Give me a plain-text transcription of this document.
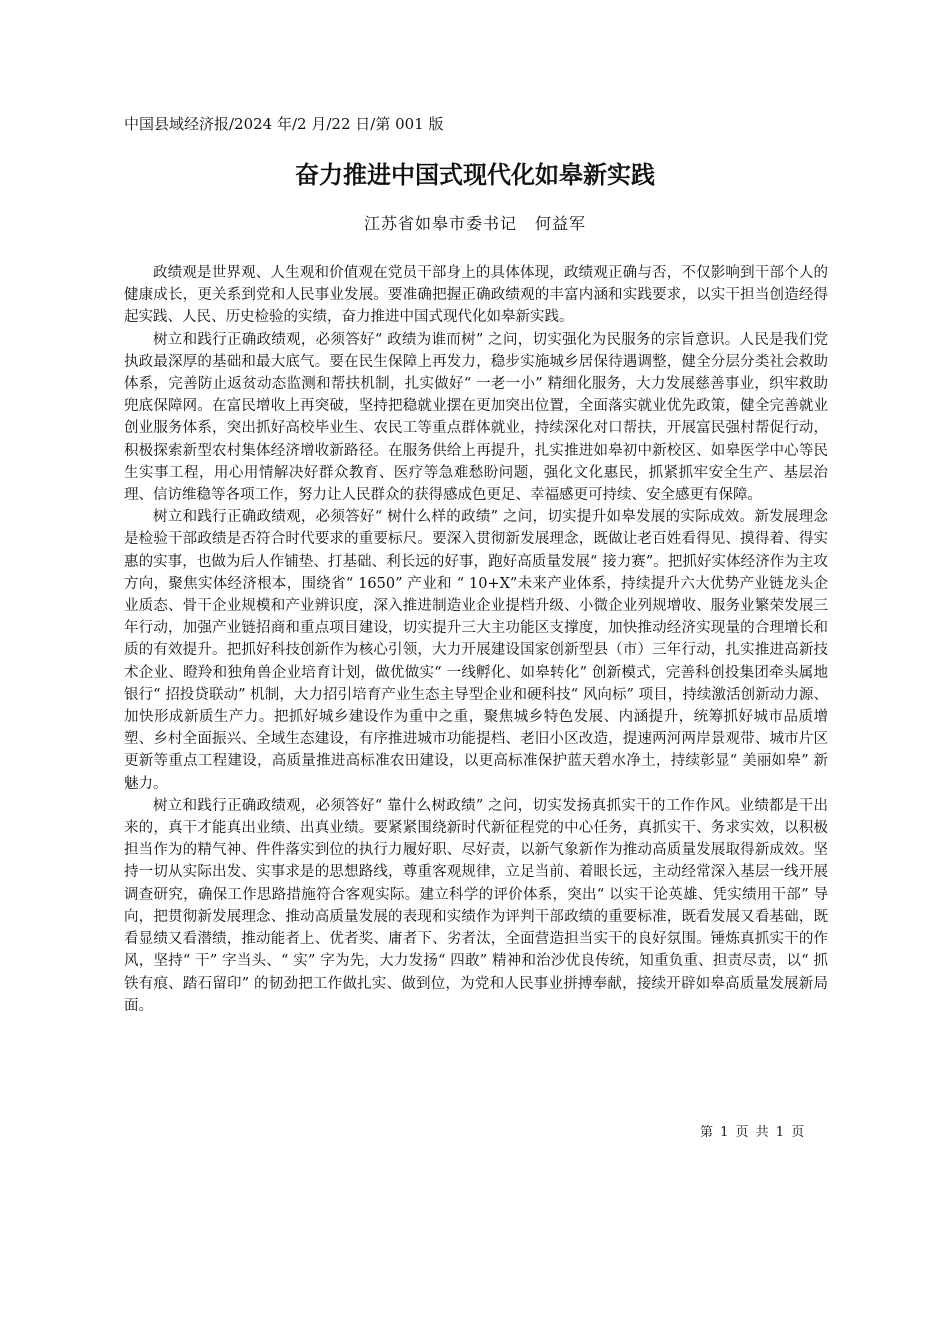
中国县域经济报/2024 年/2 月/22 日/第 001 版
奋力推进中国式现代化如皋新实践
江苏省如皋市委书记 何益军

政绩观是世界观、人生观和价值观在党员干部身上的具体体现，政绩观正确与否，不仅影响到干部个人的健康成长，更关系到党和人民事业发展。要准确把握正确政绩观的丰富内涵和实践要求，以实干担当创造经得起实践、人民、历史检验的实绩，奋力推进中国式现代化如皋新实践。

树立和践行正确政绩观，必须答好“ 政绩为谁而树” 之问，切实强化为民服务的宗旨意识。人民是我们党执政最深厚的基础和最大底气。要在民生保障上再发力，稳步实施城乡居保待遇调整，健全分层分类社会救助体系，完善防止返贫动态监测和帮扶机制，扎实做好“ 一老一小” 精细化服务，大力发展慈善事业，织牢救助兜底保障网。在富民增收上再突破，坚持把稳就业摆在更加突出位置，全面落实就业优先政策，健全完善就业创业服务体系，突出抓好高校毕业生、农民工等重点群体就业，持续深化对口帮扶，开展富民强村帮促行动，积极探索新型农村集体经济增收新路径。在服务供给上再提升，扎实推进如皋初中新校区、如皋医学中心等民生实事工程，用心用情解决好群众教育、医疗等急难愁盼问题，强化文化惠民，抓紧抓牢安全生产、基层治理、信访维稳等各项工作，努力让人民群众的获得感成色更足、幸福感更可持续、安全感更有保障。

树立和践行正确政绩观，必须答好“ 树什么样的政绩” 之问，切实提升如皋发展的实际成效。新发展理念是检验干部政绩是否符合时代要求的重要标尺。要深入贯彻新发展理念，既做让老百姓看得见、摸得着、得实惠的实事，也做为后人作铺垫、打基础、利长远的好事，跑好高质量发展“ 接力赛”。把抓好实体经济作为主攻方向，聚焦实体经济根本，围绕省“ 1650” 产业和 “ 10+X”未来产业体系，持续提升六大优势产业链龙头企业质态、骨干企业规模和产业辨识度，深入推进制造业企业提档升级、小微企业列规增收、服务业繁荣发展三年行动，加强产业链招商和重点项目建设，切实提升三大主功能区支撑度，加快推动经济实现量的合理增长和质的有效提升。把抓好科技创新作为核心引领，大力开展建设国家创新型县（市）三年行动，扎实推进高新技术企业、瞪羚和独角兽企业培育计划，做优做实“ 一线孵化、如皋转化” 创新模式，完善科创投集团牵头属地银行“ 招投贷联动” 机制，大力招引培育产业生态主导型企业和硬科技“ 风向标” 项目，持续激活创新动力源、加快形成新质生产力。把抓好城乡建设作为重中之重，聚焦城乡特色发展、内涵提升，统筹抓好城市品质增塑、乡村全面振兴、全域生态建设，有序推进城市功能提档、老旧小区改造，提速两河两岸景观带、城市片区更新等重点工程建设，高质量推进高标准农田建设，以更高标准保护蓝天碧水净土，持续彰显“ 美丽如皋” 新魅力。

树立和践行正确政绩观，必须答好“ 靠什么树政绩” 之问，切实发扬真抓实干的工作作风。业绩都是干出来的，真干才能真出业绩、出真业绩。要紧紧围绕新时代新征程党的中心任务，真抓实干、务求实效，以积极担当作为的精气神、件件落实到位的执行力履好职、尽好责，以新气象新作为推动高质量发展取得新成效。坚持一切从实际出发、实事求是的思想路线，尊重客观规律，立足当前、着眼长远，主动经常深入基层一线开展调查研究，确保工作思路措施符合客观实际。建立科学的评价体系，突出“ 以实干论英雄、凭实绩用干部” 导向，把贯彻新发展理念、推动高质量发展的表现和实绩作为评判干部政绩的重要标准，既看发展又看基础，既看显绩又看潜绩，推动能者上、优者奖、庸者下、劣者汰，全面营造担当实干的良好氛围。锤炼真抓实干的作风，坚持“ 干” 字当头、“ 实” 字为先，大力发扬“ 四敢” 精神和治沙优良传统，知重负重、担责尽责，以“ 抓铁有痕、踏石留印” 的韧劲把工作做扎实、做到位，为党和人民事业拼搏奉献，接续开辟如皋高质量发展新局面。

第 1 页 共 1 页
